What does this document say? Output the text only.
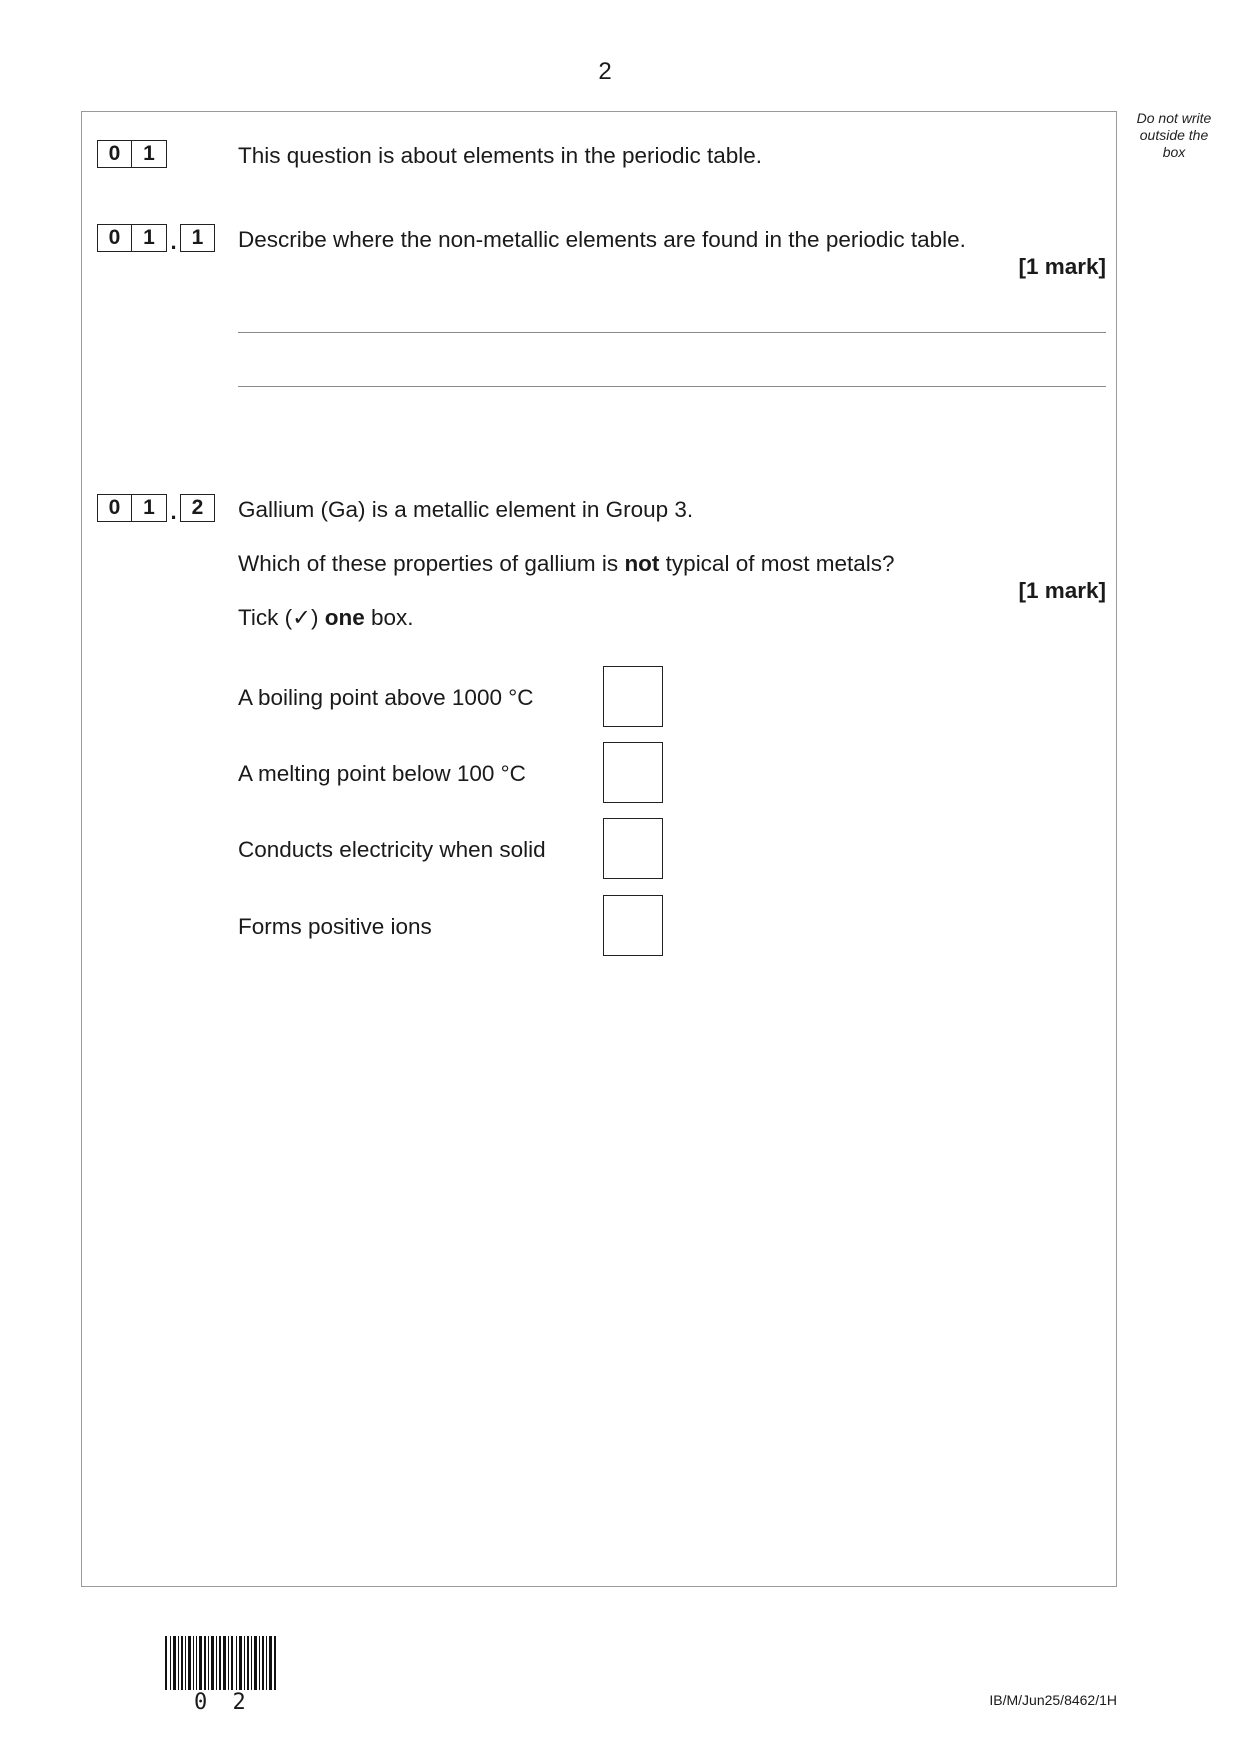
2
Do not write outside the box
0	1	This question is about elements in the periodic table.
0	1 . 1	Describe where the non-metallic elements are found in the periodic table.
[1 mark]
0	1 . 2	Gallium (Ga) is a metallic element in Group 3.
Which of these properties of gallium is not typical of most metals?
[1 mark]
Tick (✓) one box.
A boiling point above 1000 °C
A melting point below 100 °C
Conducts electricity when solid
Forms positive ions
0 2	IB/M/Jun25/8462/1H
